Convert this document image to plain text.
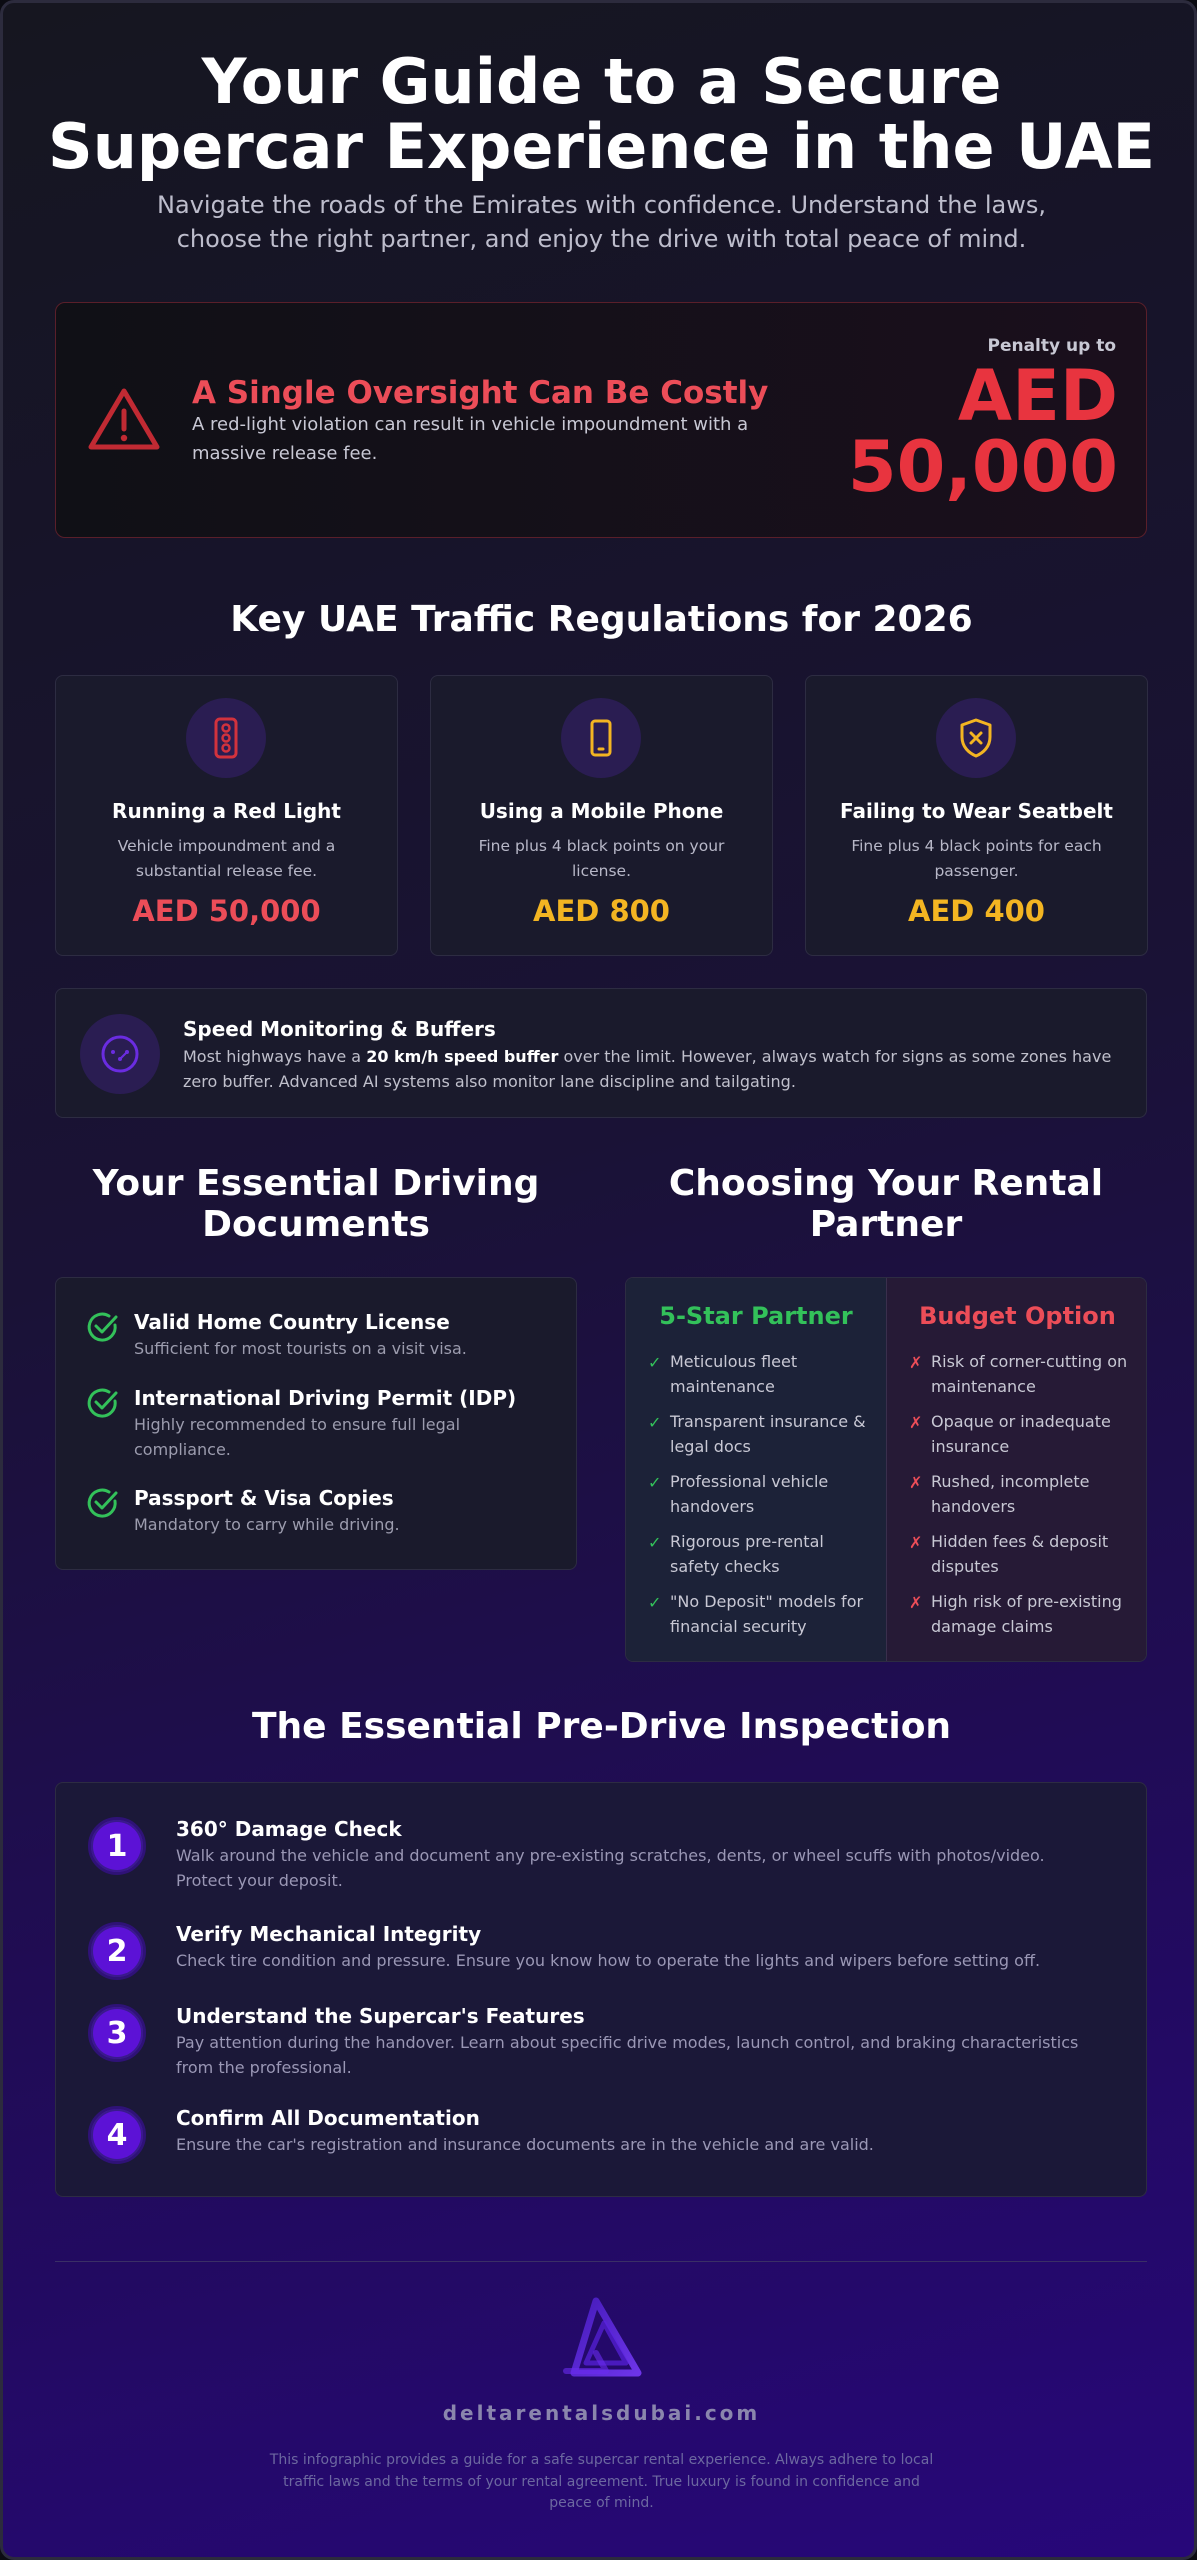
Your Guide to a Secure Supercar Experience in the UAE

Navigate the roads of the Emirates with confidence. Understand the laws, choose the right partner, and enjoy the drive with total peace of mind.

A Single Oversight Can Be Costly
A red-light violation can result in vehicle impoundment with a massive release fee.
Penalty up to
AED 50,000
Key UAE Traffic Regulations for 2026
Running a Red Light
Vehicle impoundment and a substantial release fee.
AED 50,000
Using a Mobile Phone
Fine plus 4 black points on your license.
AED 800
Failing to Wear Seatbelt
Fine plus 4 black points for each passenger.
AED 400
Speed Monitoring & Buffers
Most highways have a 20 km/h speed buffer over the limit. However, always watch for signs as some zones have zero buffer. Advanced AI systems also monitor lane discipline and tailgating.
Your Essential Driving Documents
Valid Home Country License
Sufficient for most tourists on a visit visa.
International Driving Permit (IDP)
Highly recommended to ensure full legal compliance.
Passport & Visa Copies
Mandatory to carry while driving.
Choosing Your Rental Partner
5-Star Partner
✓ Meticulous fleet maintenance
✓ Transparent insurance & legal docs
✓ Professional vehicle handovers
✓ Rigorous pre-rental safety checks
✓ "No Deposit" models for financial security
Budget Option
✗ Risk of corner-cutting on maintenance
✗ Opaque or inadequate insurance
✗ Rushed, incomplete handovers
✗ Hidden fees & deposit disputes
✗ High risk of pre-existing damage claims
The Essential Pre-Drive Inspection
1	360° Damage Check
Walk around the vehicle and document any pre-existing scratches, dents, or wheel scuffs with photos/video. Protect your deposit.
2	Verify Mechanical Integrity
Check tire condition and pressure. Ensure you know how to operate the lights and wipers before setting off.
3	Understand the Supercar's Features
Pay attention during the handover. Learn about specific drive modes, launch control, and braking characteristics from the professional.
4	Confirm All Documentation
Ensure the car's registration and insurance documents are in the vehicle and are valid.
deltarentalsdubai.com
This infographic provides a guide for a safe supercar rental experience. Always adhere to local traffic laws and the terms of your rental agreement. True luxury is found in confidence and peace of mind.
